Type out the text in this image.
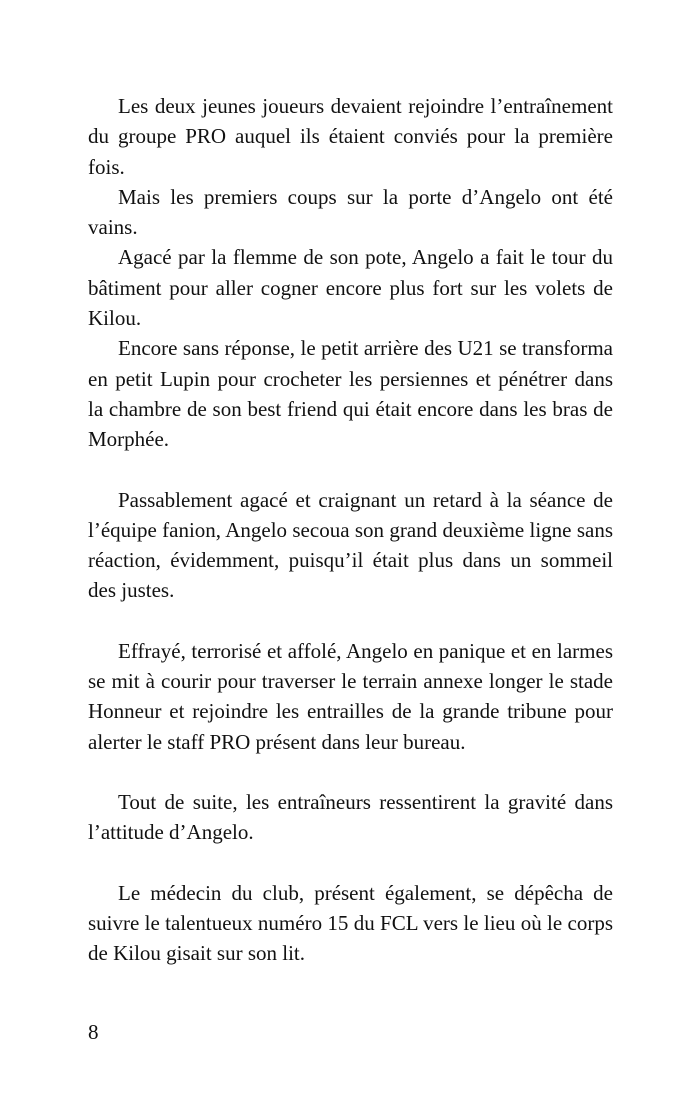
Les deux jeunes joueurs devaient rejoindre l’entraînement du groupe PRO auquel ils étaient conviés pour la première fois.

Mais les premiers coups sur la porte d’Angelo ont été vains.

Agacé par la flemme de son pote, Angelo a fait le tour du bâtiment pour aller cogner encore plus fort sur les volets de Kilou.

Encore sans réponse, le petit arrière des U21 se transforma en petit Lupin pour crocheter les persiennes et pénétrer dans la chambre de son best friend qui était encore dans les bras de Morphée.

Passablement agacé et craignant un retard à la séance de l’équipe fanion, Angelo secoua son grand deuxième ligne sans réaction, évidemment, puisqu’il était plus dans un sommeil des justes.

Effrayé, terrorisé et affolé, Angelo en panique et en larmes se mit à courir pour traverser le terrain annexe longer le stade Honneur et rejoindre les entrailles de la grande tribune pour alerter le staff PRO présent dans leur bureau.

Tout de suite, les entraîneurs ressentirent la gravité dans l’attitude d’Angelo.

Le médecin du club, présent également, se dépêcha de suivre le talentueux numéro 15 du FCL vers le lieu où le corps de Kilou gisait sur son lit.

8
